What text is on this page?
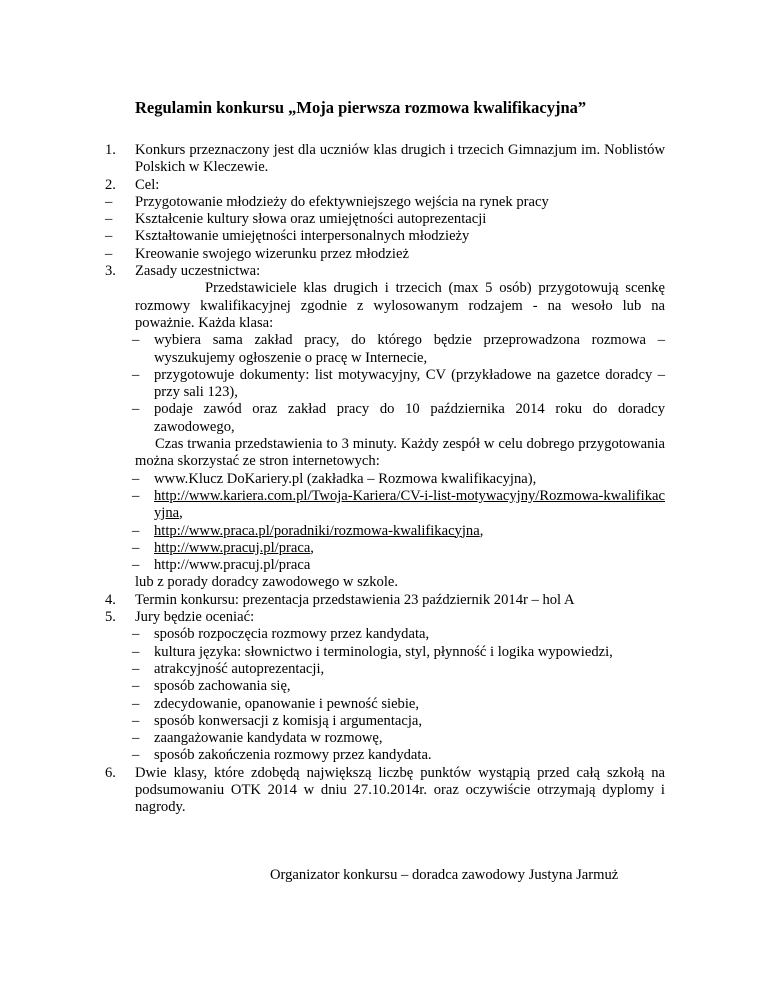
Regulamin konkursu „Moja pierwsza rozmowa kwalifikacyjna”
1.	Konkurs przeznaczony jest dla uczniów klas drugich i trzecich Gimnazjum im. Noblistów Polskich w Kleczewie.
2.	Cel:
–	Przygotowanie młodzieży do efektywniejszego wejścia na rynek pracy
–	Kształcenie kultury słowa oraz umiejętności autoprezentacji
–	Kształtowanie umiejętności interpersonalnych młodzieży
–	Kreowanie swojego wizerunku przez młodzież
3.	Zasady uczestnictwa:
Przedstawiciele klas drugich i trzecich (max 5 osób) przygotowują scenkę rozmowy kwalifikacyjnej zgodnie z wylosowanym rodzajem - na wesoło lub na poważnie. Każda klasa:
–	wybiera sama zakład pracy, do którego będzie przeprowadzona rozmowa – wyszukujemy ogłoszenie o pracę w Internecie,
–	przygotowuje dokumenty: list motywacyjny, CV (przykładowe na gazetce doradcy – przy sali 123),
–	podaje zawód oraz zakład pracy do 10 października 2014 roku do doradcy zawodowego,
Czas trwania przedstawienia to 3 minuty. Każdy zespół w celu dobrego przygotowania można skorzystać ze stron internetowych:
–	www.Klucz DoKariery.pl (zakładka – Rozmowa kwalifikacyjna),
–	http://www.kariera.com.pl/Twoja-Kariera/CV-i-list-motywacyjny/Rozmowa-kwalifikacyjna,
–	http://www.praca.pl/poradniki/rozmowa-kwalifikacyjna,
–	http://www.pracuj.pl/praca,
–	http://www.pracuj.pl/praca
lub z porady doradcy zawodowego w szkole.
4.	Termin konkursu: prezentacja przedstawienia 23 październik 2014r – hol A
5.	Jury będzie oceniać:
–	sposób rozpoczęcia rozmowy przez kandydata,
–	kultura języka: słownictwo i terminologia, styl, płynność i logika wypowiedzi,
–	atrakcyjność autoprezentacji,
–	sposób zachowania się,
–	zdecydowanie, opanowanie i pewność siebie,
–	sposób konwersacji z komisją i argumentacja,
–	zaangażowanie kandydata w rozmowę,
–	sposób zakończenia rozmowy przez kandydata.
6.	Dwie klasy, które zdobędą największą liczbę punktów wystąpią przed całą szkołą na podsumowaniu OTK 2014 w dniu 27.10.2014r. oraz oczywiście otrzymają dyplomy i nagrody.
Organizator konkursu – doradca zawodowy Justyna Jarmuż
